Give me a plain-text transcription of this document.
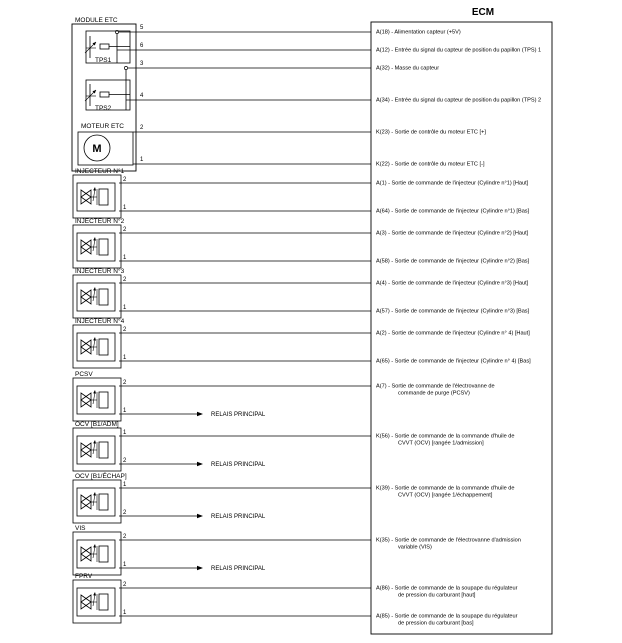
ECM
MODULE ETC
TPS1
TPS2
MOTEUR ETC
M
5
A(18) - Alimentation capteur (+5V)
6
A(12) - Entrée du signal du capteur de position du papillon (TPS) 1
3
A(32) - Masse du capteur
4
A(34) - Entrée du signal du capteur de position du papillon (TPS) 2
2
K(23) - Sortie de contrôle du moteur ETC [+]
1
K(22) - Sortie de contrôle du moteur ETC [-]
INJECTEUR N°1
2
A(1) - Sortie de commande de l'injecteur (Cylindre n°1) [Haut]
1
A(64) - Sortie de commande de l'injecteur (Cylindre n°1) [Bas]
INJECTEUR N°2
2
A(3) - Sortie de commande de l'injecteur (Cylindre n°2) [Haut]
1
A(58) - Sortie de commande de l'injecteur (Cylindre n°2) [Bas]
INJECTEUR N°3
2
A(4) - Sortie de commande de l'injecteur (Cylindre n°3) [Haut]
1
A(57) - Sortie de commande de l'injecteur (Cylindre n°3) [Bas]
INJECTEUR N°4
2
A(2) - Sortie de commande de l'injecteur (Cylindre n° 4) [Haut]
1
A(65) - Sortie de commande de l'injecteur (Cylindre n° 4) [Bas]
PCSV
2
A(7) - Sortie de commande de l'électrovanne de
commande de purge (PCSV)
1
RELAIS PRINCIPAL
OCV [B1/ADM]
1
K(56) - Sortie de commande de la commande d'huile de
CVVT (OCV) [rangée 1/admission]
2
RELAIS PRINCIPAL
OCV [B1/ÉCHAP]
1
K(39) - Sortie de commande de la commande d'huile de
CVVT (OCV) [rangée 1/échappement]
2
RELAIS PRINCIPAL
VIS
2
K(35) - Sortie de commande de l'électrovanne d'admission
variable (VIS)
1
RELAIS PRINCIPAL
FPRV
2
A(86) - Sortie de commande de la soupape du régulateur
de pression du carburant [haut]
1
A(85) - Sortie de commande de la soupape du régulateur
de pression du carburant [bas]
